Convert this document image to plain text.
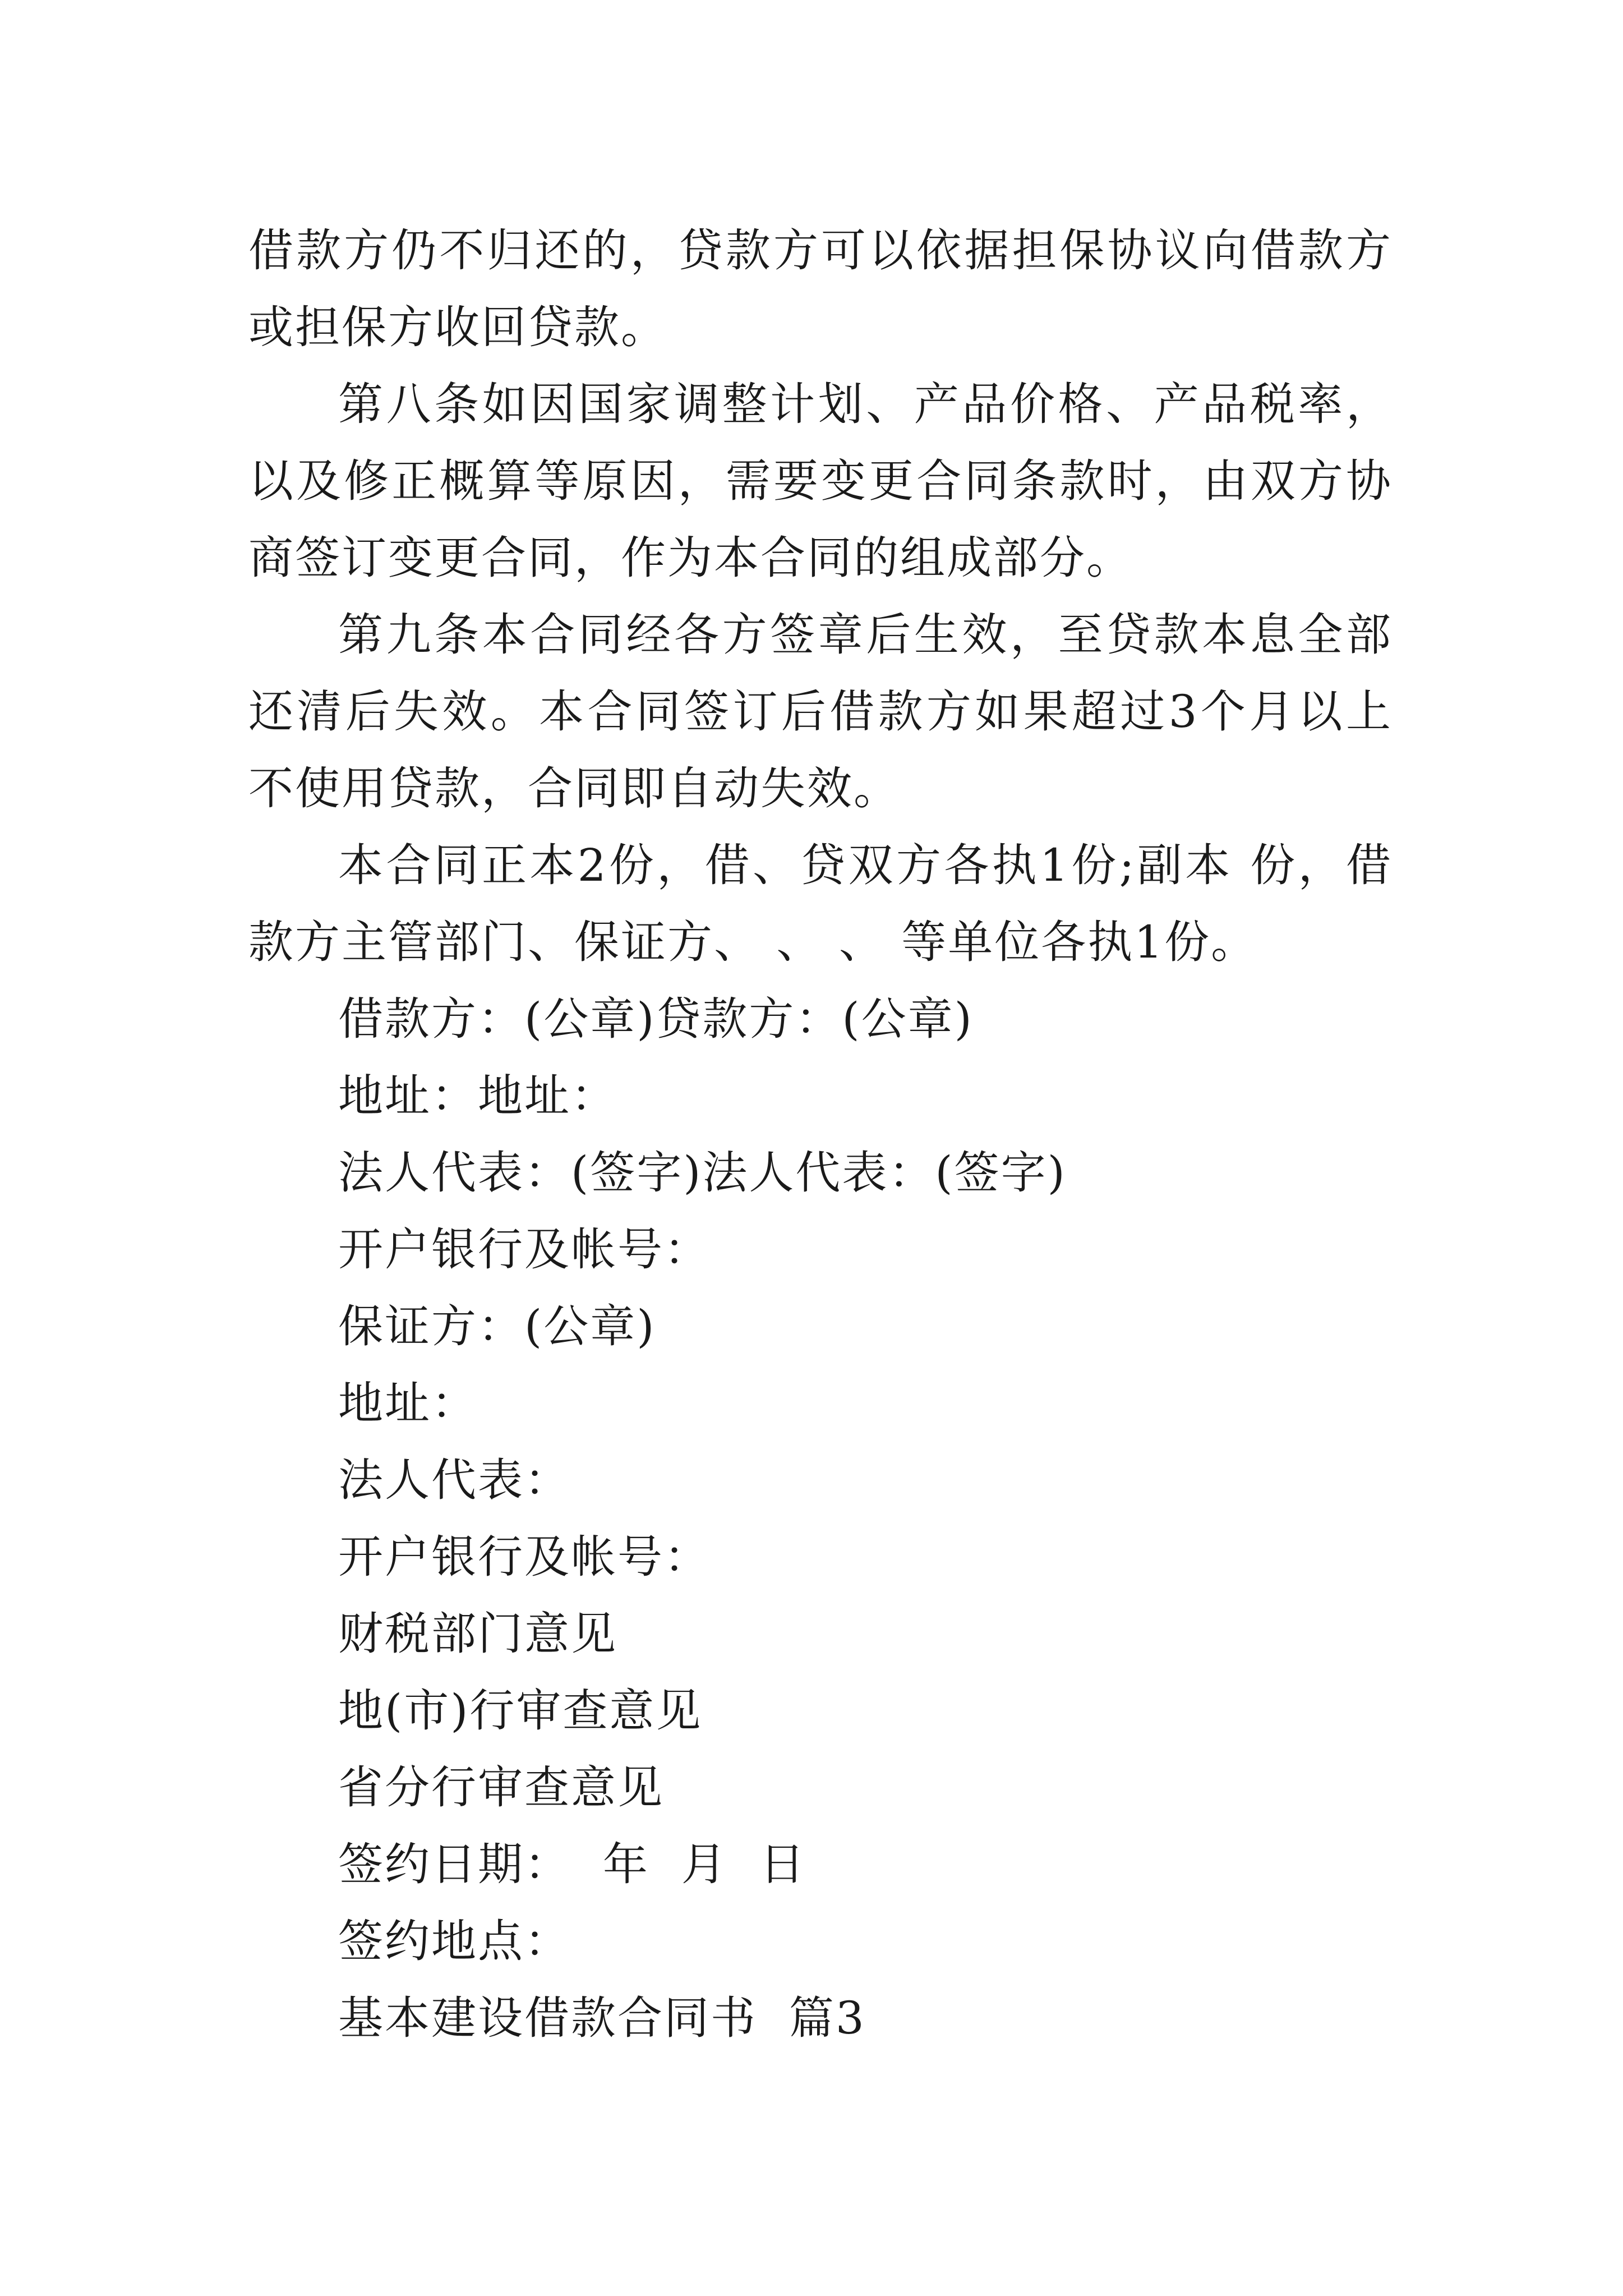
借款方仍不归还的，贷款方可以依据担保协议向借款方或担保方收回贷款。

第八条如因国家调整计划、产品价格、产品税率，以及修正概算等原因，需要变更合同条款时，由双方协商签订变更合同，作为本合同的组成部分。

第九条本合同经各方签章后生效，至贷款本息全部还清后失效。本合同签订后借款方如果超过3个月以上不使用贷款，合同即自动失效。

本合同正本2份，借、贷双方各执1份;副本 份，借款方主管部门、保证方、 、 、 等单位各执1份。

借款方：(公章)贷款方：(公章)

地址：地址：

法人代表：(签字)法人代表：(签字)

开户银行及帐号：

保证方：(公章)

地址：

法人代表：

开户银行及帐号：

财税部门意见

地(市)行审查意见

省分行审查意见

签约日期：  年  月  日

签约地点：

基本建设借款合同书  篇3
